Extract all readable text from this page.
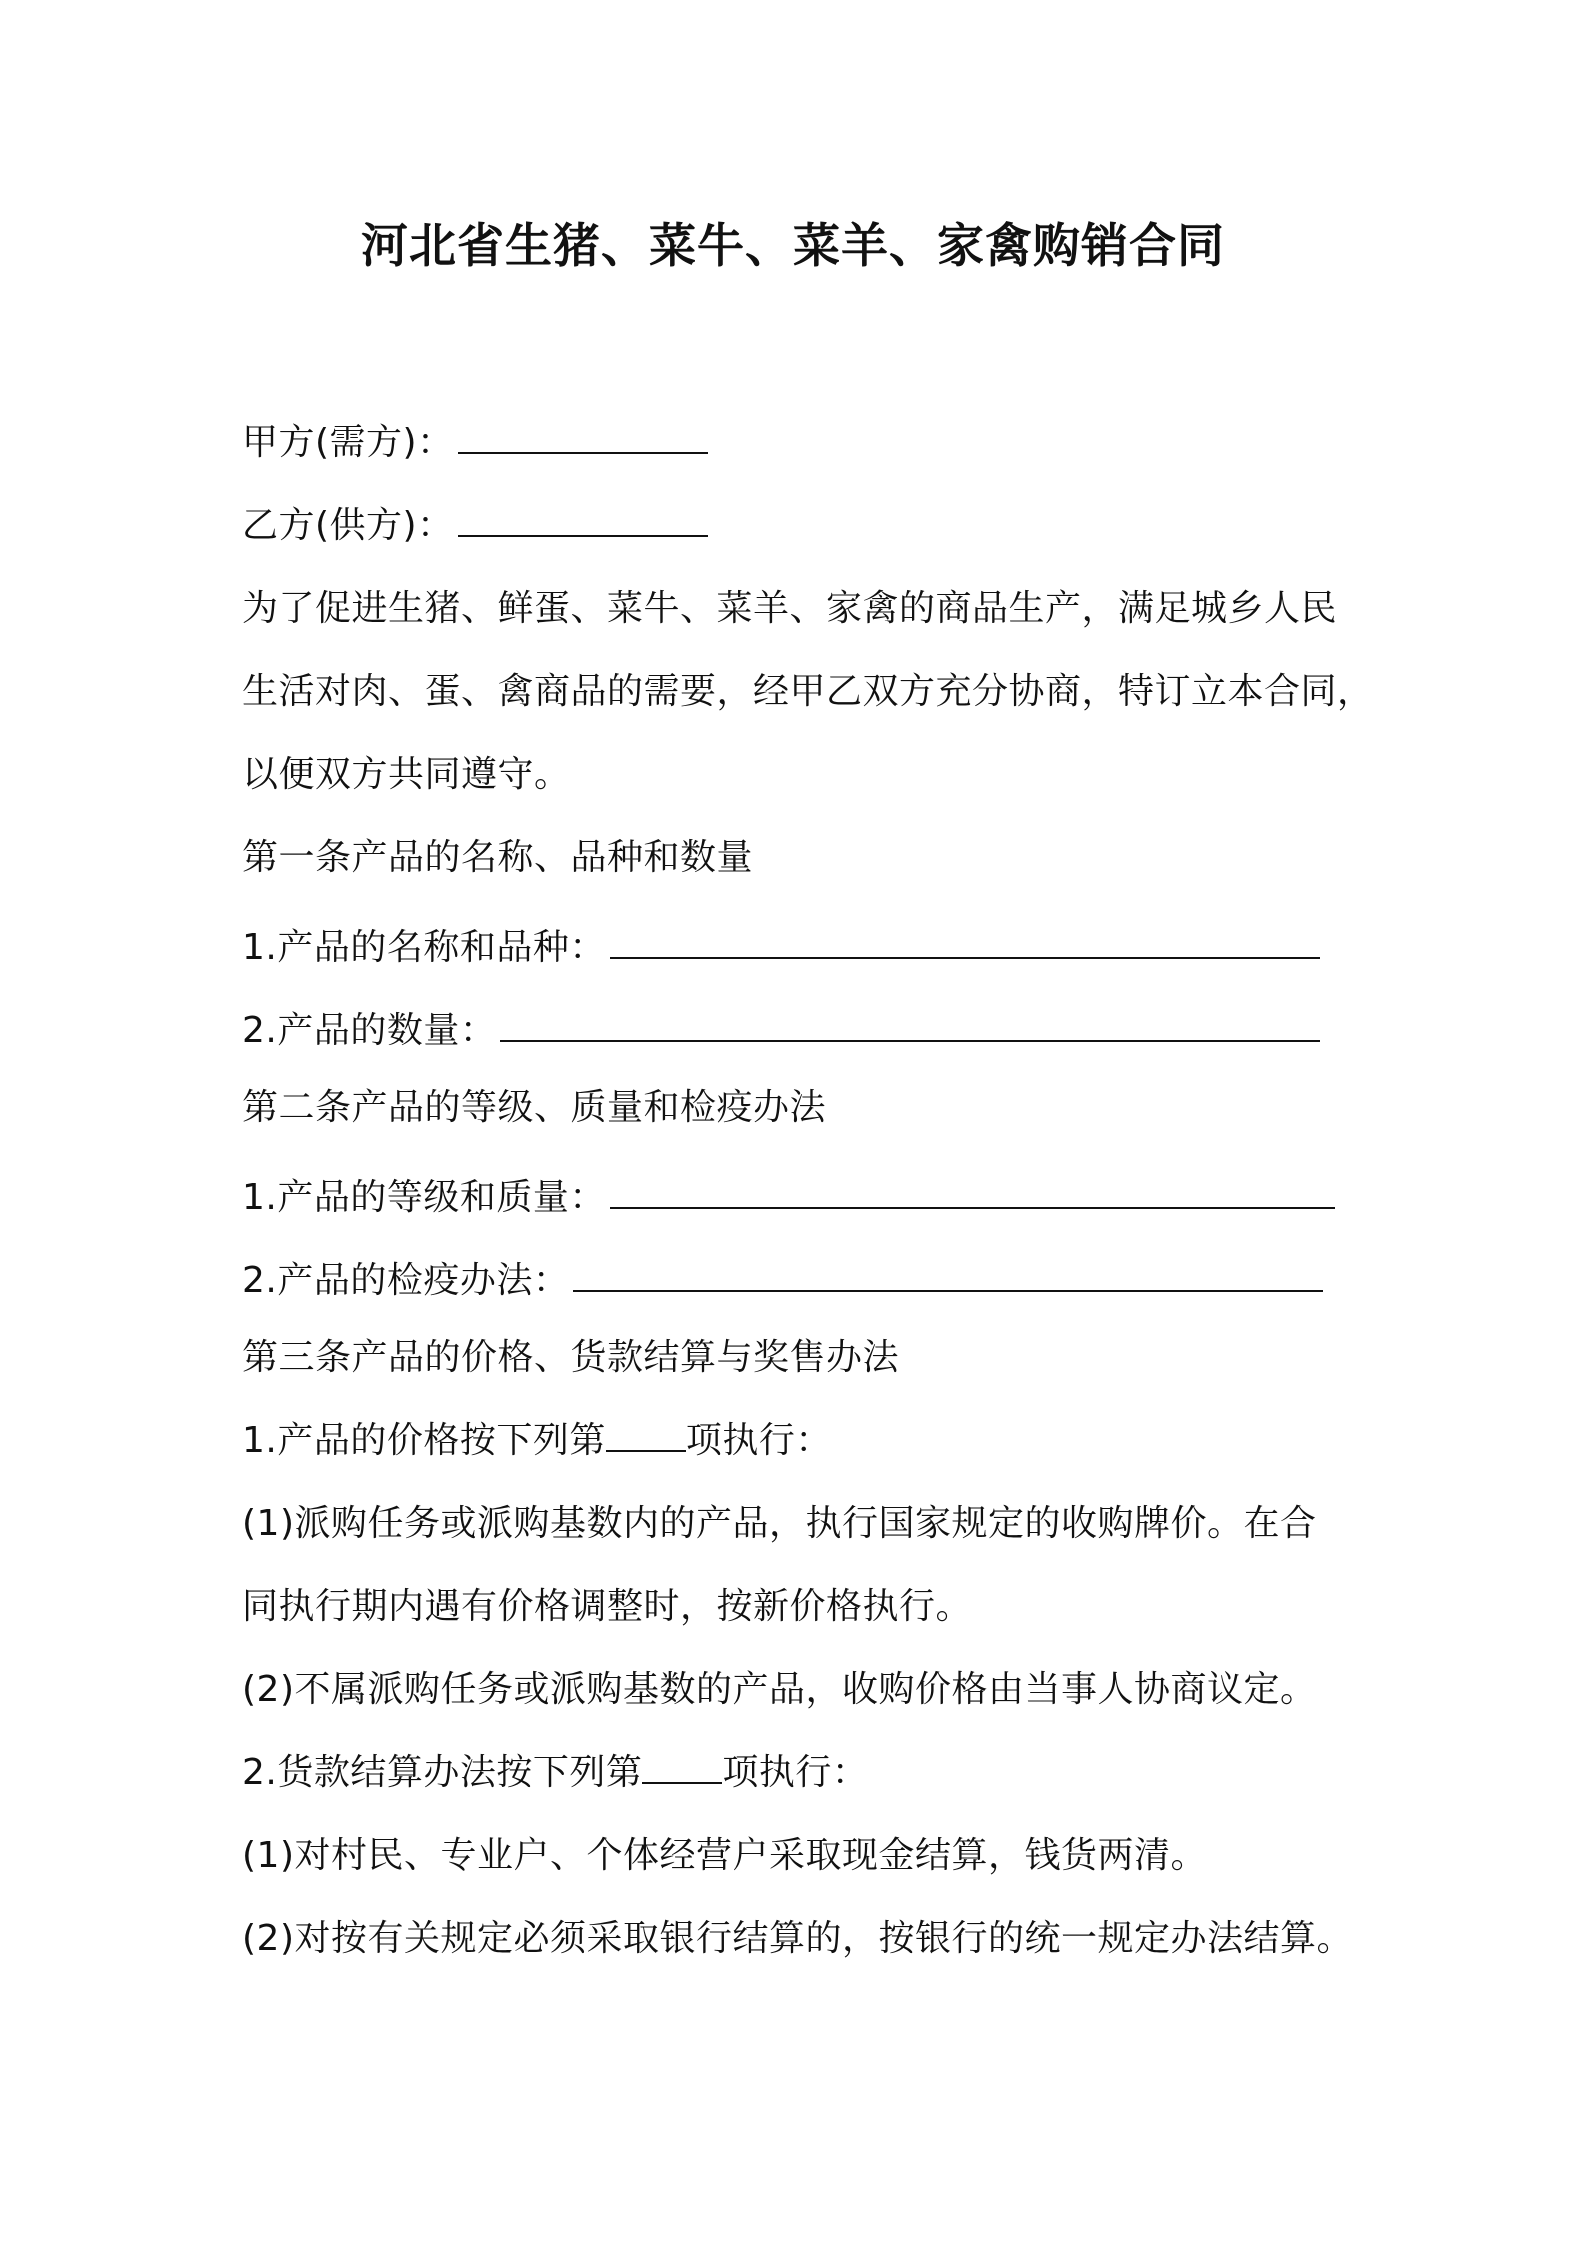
河北省生猪、菜牛、菜羊、家禽购销合同
甲方(需方)：
乙方(供方)：
为了促进生猪、鲜蛋、菜牛、菜羊、家禽的商品生产，满足城乡人民
生活对肉、蛋、禽商品的需要，经甲乙双方充分协商，特订立本合同，
以便双方共同遵守。
第一条产品的名称、品种和数量
1.产品的名称和品种：
2.产品的数量：
第二条产品的等级、质量和检疫办法
1.产品的等级和质量：
2.产品的检疫办法：
第三条产品的价格、货款结算与奖售办法
1.产品的价格按下列第 项执行：
(1)派购任务或派购基数内的产品，执行国家规定的收购牌价。在合
同执行期内遇有价格调整时，按新价格执行。
(2)不属派购任务或派购基数的产品，收购价格由当事人协商议定。
2.货款结算办法按下列第 项执行：
(1)对村民、专业户、个体经营户采取现金结算，钱货两清。
(2)对按有关规定必须采取银行结算的，按银行的统一规定办法结算。
